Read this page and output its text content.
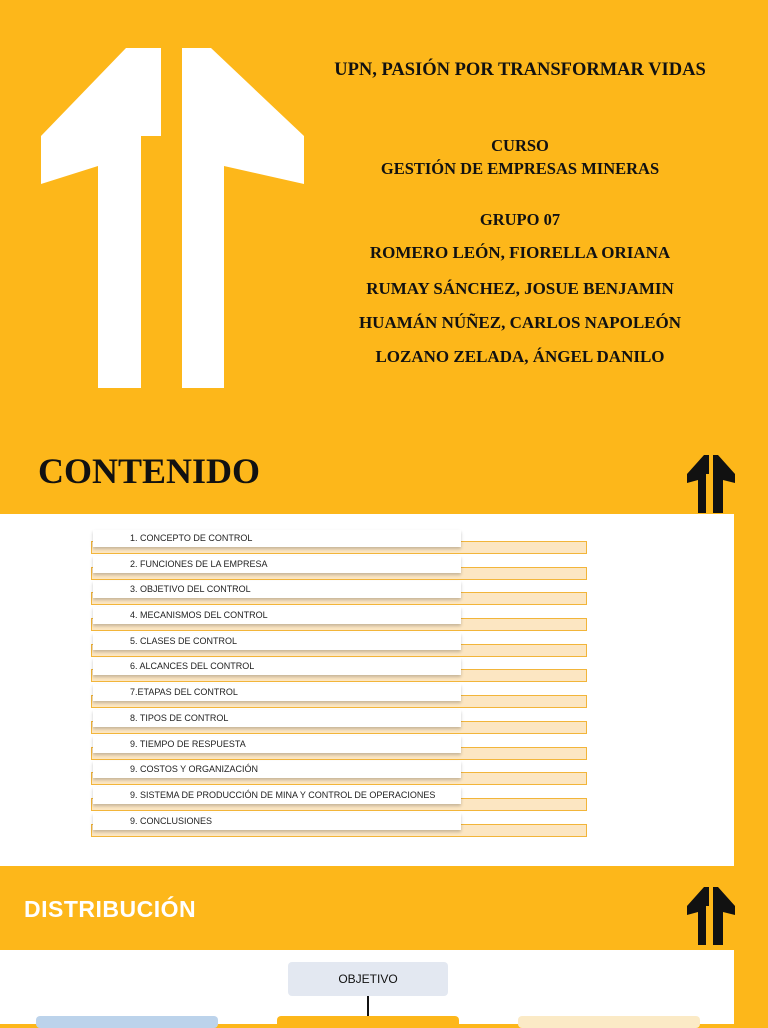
UPN, PASIÓN POR TRANSFORMAR VIDAS
CURSO
GESTIÓN DE EMPRESAS MINERAS
GRUPO 07
ROMERO LEÓN, FIORELLA ORIANA
RUMAY SÁNCHEZ, JOSUE BENJAMIN
HUAMÁN NÚÑEZ, CARLOS NAPOLEÓN
LOZANO ZELADA, ÁNGEL DANILO
CONTENIDO
1. CONCEPTO DE CONTROL
2. FUNCIONES DE LA EMPRESA
3. OBJETIVO DEL CONTROL
4. MECANISMOS DEL CONTROL
5. CLASES DE CONTROL
6. ALCANCES DEL CONTROL
7.ETAPAS DEL CONTROL
8. TIPOS DE CONTROL
9. TIEMPO DE RESPUESTA
9. COSTOS Y ORGANIZACIÓN
9. SISTEMA DE PRODUCCIÓN DE MINA Y CONTROL DE OPERACIONES
9. CONCLUSIONES
DISTRIBUCIÓN
OBJETIVO
